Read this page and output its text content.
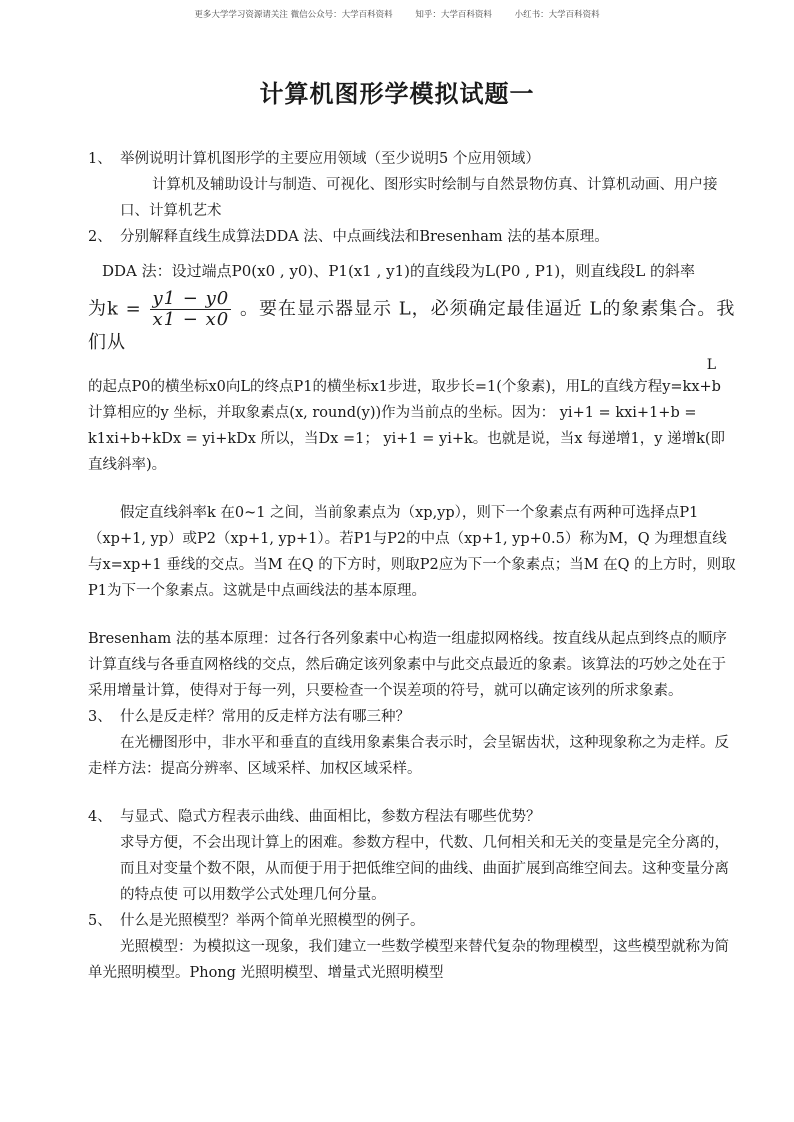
更多大学学习资源请关注 微信公众号：大学百科资料	知乎：大学百科资料	小红书：大学百科资料
计算机图形学模拟试题一
1、 举例说明计算机图形学的主要应用领域（至少说明5 个应用领域）
计算机及辅助设计与制造、可视化、图形实时绘制与自然景物仿真、计算机动画、用户接口、计算机艺术
2、 分别解释直线生成算法DDA 法、中点画线法和Bresenham 法的基本原理。
DDA 法：设过端点P0(x0 , y0)、P1(x1 , y1)的直线段为L(P0 , P1)，则直线段L 的斜率
为$k = \frac{y1 - y0}{x1 - x0}$ 。要在显示器显示 L，必须确定最佳逼近 L的象素集合。我们从
L

的起点P0的横坐标x0向L的终点P1的横坐标x1步进，取步长=1(个象素)，用L的直线方程y=kx+b 计算相应的y 坐标，并取象素点(x, round(y))作为当前点的坐标。因为： yi+1 = kxi+1+b = k1xi+b+kDx = yi+kDx 所以，当Dx =1； yi+1 = yi+k。也就是说，当x 每递增1，y 递增k(即直线斜率)。

假定直线斜率k 在0~1 之间，当前象素点为（xp,yp），则下一个象素点有两种可选择点P1（xp+1, yp）或P2（xp+1, yp+1）。若P1与P2的中点（xp+1, yp+0.5）称为M，Q 为理想直线与x=xp+1 垂线的交点。当M 在Q 的下方时，则取P2应为下一个象素点；当M 在Q 的上方时，则取P1为下一个象素点。这就是中点画线法的基本原理。

Bresenham 法的基本原理：过各行各列象素中心构造一组虚拟网格线。按直线从起点到终点的顺序计算直线与各垂直网格线的交点，然后确定该列象素中与此交点最近的象素。该算法的巧妙之处在于采用增量计算，使得对于每一列，只要检查一个误差项的符号，就可以确定该列的所求象素。

3、 什么是反走样？常用的反走样方法有哪三种？

在光栅图形中，非水平和垂直的直线用象素集合表示时，会呈锯齿状，这种现象称之为走样。反走样方法：提高分辨率、区域采样、加权区域采样。

4、 与显式、隐式方程表示曲线、曲面相比，参数方程法有哪些优势？
求导方便，不会出现计算上的困难。参数方程中，代数、几何相关和无关的变量是完全分离的，而且对变量个数不限，从而便于用于把低维空间的曲线、曲面扩展到高维空间去。这种变量分离的特点使 可以用数学公式处理几何分量。
5、 什么是光照模型？举两个简单光照模型的例子。

光照模型：为模拟这一现象，我们建立一些数学模型来替代复杂的物理模型，这些模型就称为简单光照明模型。Phong 光照明模型、增量式光照明模型
